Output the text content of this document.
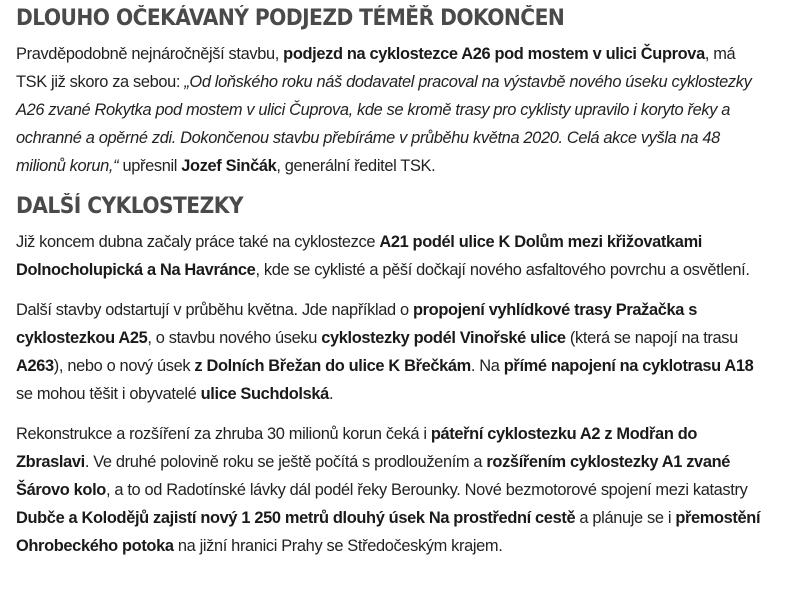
DLOUHO OČEKÁVANÝ PODJEZD TÉMĚŘ DOKONČEN

Pravděpodobně nejnáročnější stavbu, podjezd na cyklostezce A26 pod mostem v ulici Čuprova, má TSK již skoro za sebou: „Od loňského roku náš dodavatel pracoval na výstavbě nového úseku cyklostezky A26 zvané Rokytka pod mostem v ulici Čuprova, kde se kromě trasy pro cyklisty upravilo i koryto řeky a ochranné a opěrné zdi. Dokončenou stavbu přebíráme v průběhu května 2020. Celá akce vyšla na 48 milionů korun,“ upřesnil Jozef Sinčák, generální ředitel TSK.

DALŠÍ CYKLOSTEZKY

Již koncem dubna začaly práce také na cyklostezce A21 podél ulice K Dolům mezi křižovatkami Dolnocholupická a Na Havránce, kde se cyklisté a pěší dočkají nového asfaltového povrchu a osvětlení.

Další stavby odstartují v průběhu května. Jde například o propojení vyhlídkové trasy Pražačka s cyklostezkou A25, o stavbu nového úseku cyklostezky podél Vinořské ulice (která se napojí na trasu A263), nebo o nový úsek z Dolních Břežan do ulice K Břečkám. Na přímé napojení na cyklotrasu A18 se mohou těšit i obyvatelé ulice Suchdolská.

Rekonstrukce a rozšíření za zhruba 30 milionů korun čeká i páteřní cyklostezku A2 z Modřan do Zbraslavi. Ve druhé polovině roku se ještě počítá s prodloužením a rozšířením cyklostezky A1 zvané Šárovo kolo, a to od Radotínské lávky dál podél řeky Berounky. Nové bezmotorové spojení mezi katastry Dubče a Kolodějů zajistí nový 1 250 metrů dlouhý úsek Na prostřední cestě a plánuje se i přemostění Ohrobeckého potoka na jižní hranici Prahy se Středočeským krajem.
